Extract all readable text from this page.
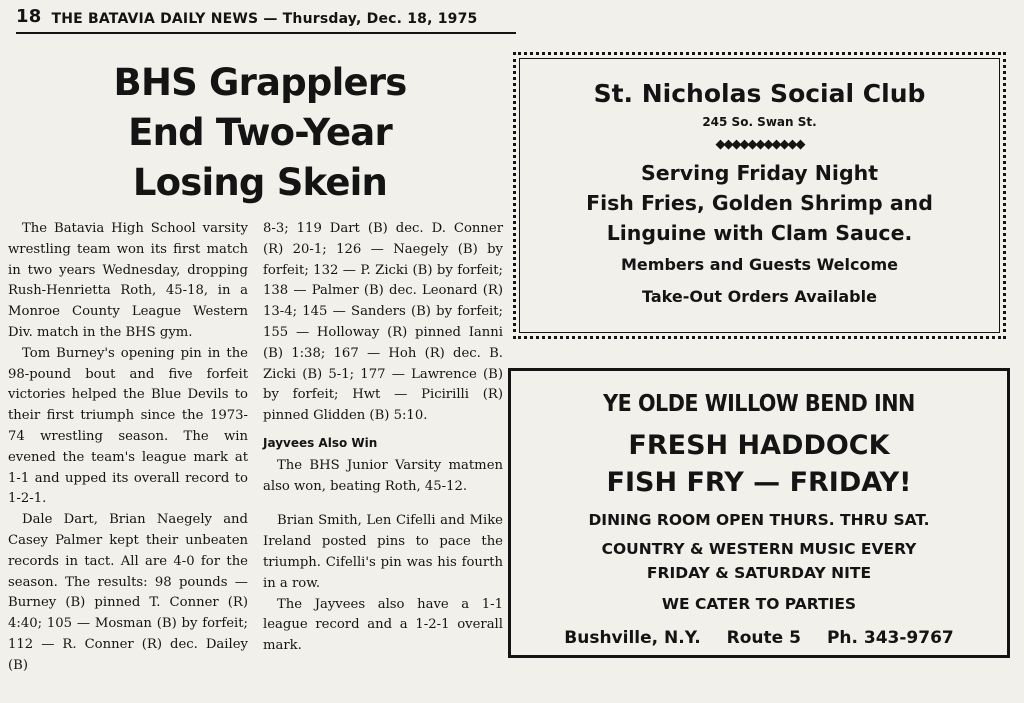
18 THE BATAVIA DAILY NEWS — Thursday, Dec. 18, 1975
BHS Grapplers
End Two-Year
Losing Skein

The Batavia High School varsity wrestling team won its first match in two years Wednesday, dropping Rush-Henrietta Roth, 45-18, in a Monroe County League Western Div. match in the BHS gym.

Tom Burney's opening pin in the 98-pound bout and five forfeit victories helped the Blue Devils to their first triumph since the 1973-74 wrestling season. The win evened the team's league mark at 1-1 and upped its overall record to 1-2-1.

Dale Dart, Brian Naegely and Casey Palmer kept their unbeaten records in tact. All are 4-0 for the season. The results: 98 pounds — Burney (B) pinned T. Conner (R) 4:40; 105 — Mosman (B) by forfeit; 112 — R. Conner (R) dec. Dailey (B)

8-3; 119 Dart (B) dec. D. Conner (R) 20-1; 126 — Naegely (B) by forfeit; 132 — P. Zicki (B) by forfeit; 138 — Palmer (B) dec. Leonard (R) 13-4; 145 — Sanders (B) by forfeit; 155 — Holloway (R) pinned Ianni (B) 1:38; 167 — Hoh (R) dec. B. Zicki (B) 5-1; 177 — Lawrence (B) by forfeit; Hwt — Picirilli (R) pinned Glidden (B) 5:10.

Jayvees Also Win

The BHS Junior Varsity matmen also won, beating Roth, 45-12.

Brian Smith, Len Cifelli and Mike Ireland posted pins to pace the triumph. Cifelli's pin was his fourth in a row.

The Jayvees also have a 1-1 league record and a 1-2-1 overall mark.

St. Nicholas Social Club
245 So. Swan St.
◆◆◆◆◆◆◆◆◆◆◆
Serving Friday Night
Fish Fries, Golden Shrimp and
Linguine with Clam Sauce.
Members and Guests Welcome
Take-Out Orders Available
YE OLDE WILLOW BEND INN
FRESH HADDOCK
FISH FRY — FRIDAY!
DINING ROOM OPEN THURS. THRU SAT.
COUNTRY & WESTERN MUSIC EVERY
FRIDAY & SATURDAY NITE
WE CATER TO PARTIES
Bushville, N.Y. Route 5 Ph. 343-9767
